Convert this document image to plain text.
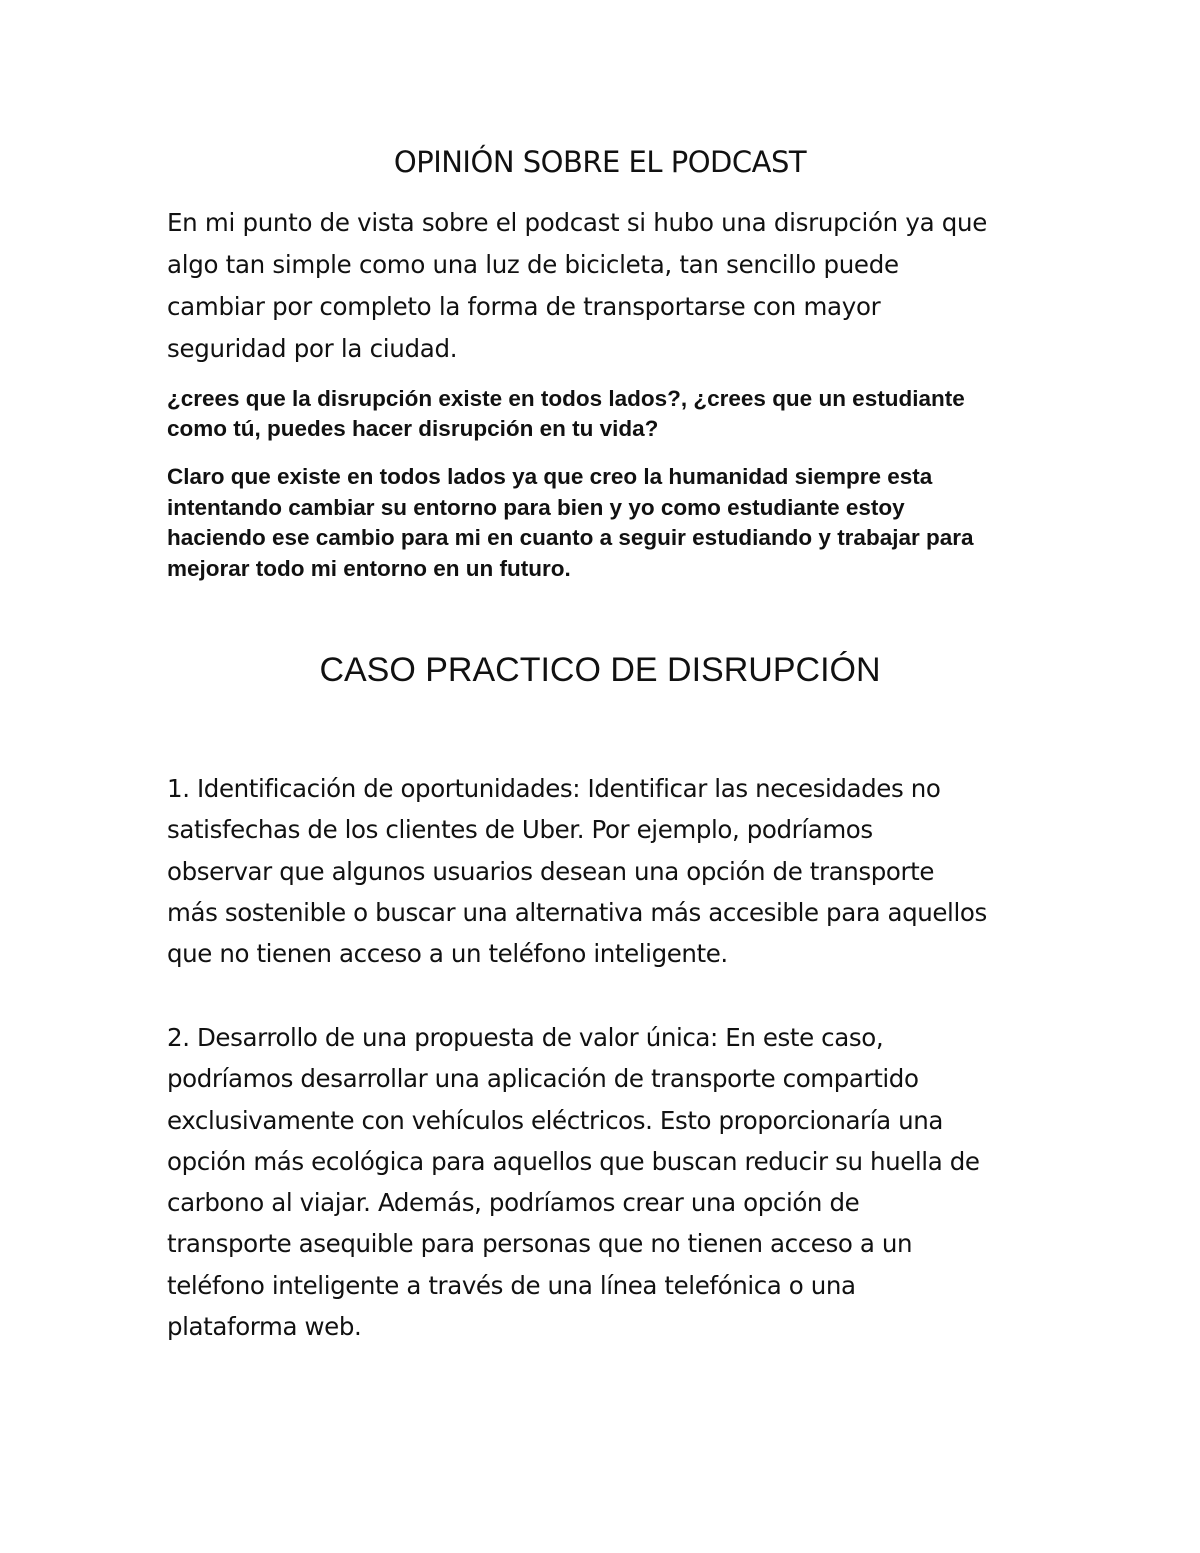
OPINIÓN SOBRE EL PODCAST
En mi punto de vista sobre el podcast si hubo una disrupción ya que
algo tan simple como una luz de bicicleta, tan sencillo puede
cambiar por completo la forma de transportarse con mayor
seguridad por la ciudad.
¿crees que la disrupción existe en todos lados?, ¿crees que un estudiante
como tú, puedes hacer disrupción en tu vida?
Claro que existe en todos lados ya que creo la humanidad siempre esta
intentando cambiar su entorno para bien y yo como estudiante estoy
haciendo ese cambio para mi en cuanto a seguir estudiando y trabajar para
mejorar todo mi entorno en un futuro.
CASO PRACTICO DE DISRUPCIÓN
1. Identificación de oportunidades: Identificar las necesidades no
satisfechas de los clientes de Uber. Por ejemplo, podríamos
observar que algunos usuarios desean una opción de transporte
más sostenible o buscar una alternativa más accesible para aquellos
que no tienen acceso a un teléfono inteligente.
2. Desarrollo de una propuesta de valor única: En este caso,
podríamos desarrollar una aplicación de transporte compartido
exclusivamente con vehículos eléctricos. Esto proporcionaría una
opción más ecológica para aquellos que buscan reducir su huella de
carbono al viajar. Además, podríamos crear una opción de
transporte asequible para personas que no tienen acceso a un
teléfono inteligente a través de una línea telefónica o una
plataforma web.
